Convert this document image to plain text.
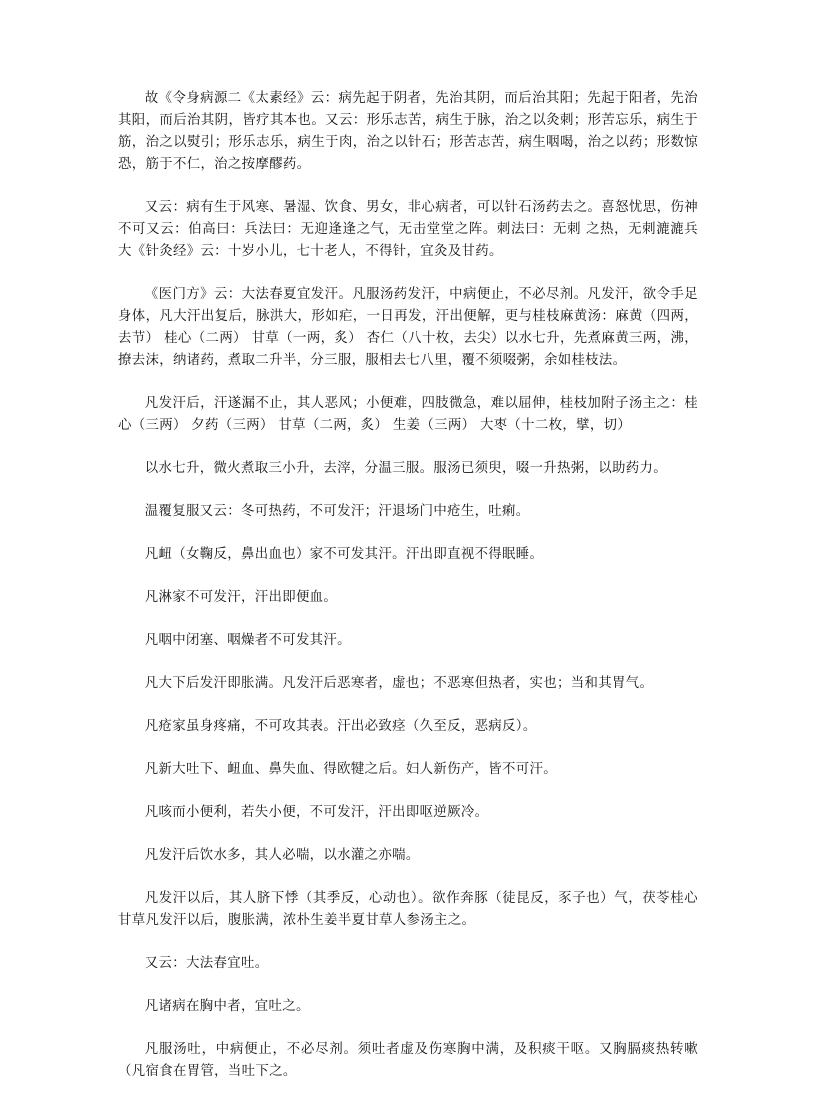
故《令身病源二《太素经》云：病先起于阴者，先治其阴，而后治其阳；先起于阳者，先治其阳，而后治其阴，皆疗其本也。又云：形乐志苦，病生于脉，治之以灸刺；形苦忘乐，病生于筋，治之以熨引；形乐志乐，病生于肉，治之以针石；形苦志苦，病生咽喝，治之以药；形数惊恐，筋于不仁，治之按摩醪药。

又云：病有生于风寒、暑湿、饮食、男女，非心病者，可以针石汤药去之。喜怒忧思，伤神不可又云：伯高曰：兵法曰：无迎逢逢之气，无击堂堂之阵。刺法曰：无刺 之热，无刺漉漉兵大《针灸经》云：十岁小儿，七十老人，不得针，宜灸及甘药。

《医门方》云：大法春夏宜发汗。凡服汤药发汗，中病便止，不必尽剂。凡发汗，欲令手足身体，凡大汗出复后，脉洪大，形如疟，一日再发，汗出便解，更与桂枝麻黄汤：麻黄（四两，去节） 桂心（二两） 甘草（一两，炙） 杏仁（八十枚，去尖）以水七升，先煮麻黄三两，沸，撩去沫，纳诸药，煮取二升半，分三服，服相去七八里，覆不须啜粥，余如桂枝法。

凡发汗后，汗遂漏不止，其人恶风；小便难，四肢微急，难以屈伸，桂枝加附子汤主之：桂心（三两） 夕药（三两） 甘草（二两，炙） 生姜（三两） 大枣（十二枚，擘，切）

以水七升，微火煮取三小升，去滓，分温三服。服汤已须臾，啜一升热粥，以助药力。

温覆复服又云：冬可热药，不可发汗；汗退场门中疮生，吐痢。

凡衄（女鞠反，鼻出血也）家不可发其汗。汗出即直视不得眠睡。

凡淋家不可发汗，汗出即便血。

凡咽中闭塞、咽燥者不可发其汗。

凡大下后发汗即胀满。凡发汗后恶寒者，虚也；不恶寒但热者，实也；当和其胃气。

凡疮家虽身疼痛，不可攻其表。汗出必致痉（久至反，恶病反）。

凡新大吐下、衄血、鼻失血、得欧犍之后。妇人新伤产，皆不可汗。

凡咳而小便利，若失小便，不可发汗，汗出即呕逆厥冷。

凡发汗后饮水多，其人必喘，以水灌之亦喘。

凡发汗以后，其人脐下悸（其季反，心动也）。欲作奔豚（徒昆反，豕子也）气，茯苓桂心甘草凡发汗以后，腹胀满，浓朴生姜半夏甘草人参汤主之。

又云：大法春宜吐。

凡诸病在胸中者，宜吐之。

凡服汤吐，中病便止，不必尽剂。须吐者虚及伤寒胸中满，及积痰干呕。又胸膈痰热转嗽（凡宿食在胃管，当吐下之。
